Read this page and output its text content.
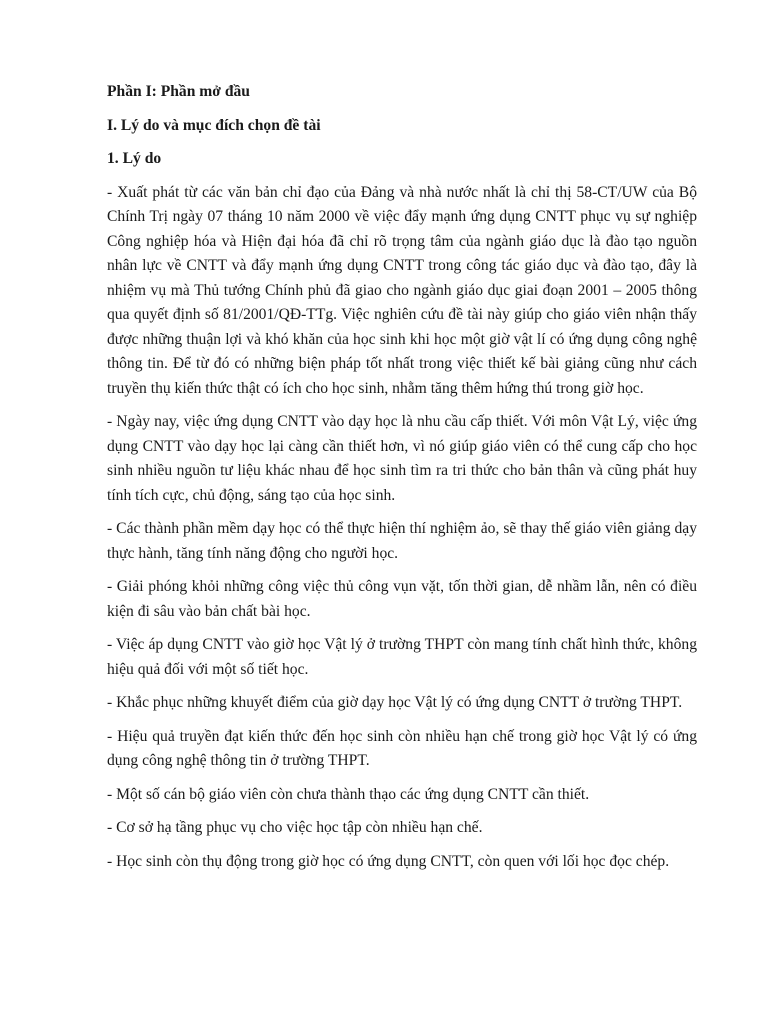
Phần I: Phần mở đầu

I. Lý do và mục đích chọn đề tài

1. Lý do

- Xuất phát từ các văn bản chỉ đạo của Đảng và nhà nước nhất là chỉ thị 58-CT/UW của Bộ Chính Trị ngày 07 tháng 10 năm 2000 về việc đẩy mạnh ứng dụng CNTT phục vụ sự nghiệp Công nghiệp hóa và Hiện đại hóa đã chỉ rõ trọng tâm của ngành giáo dục là đào tạo nguồn nhân lực về CNTT và đẩy mạnh ứng dụng CNTT trong công tác giáo dục và đào tạo, đây là nhiệm vụ mà Thủ tướng Chính phủ đã giao cho ngành giáo dục giai đoạn 2001 – 2005 thông qua quyết định số 81/2001/QĐ-TTg. Việc nghiên cứu đề tài này giúp cho giáo viên nhận thấy được những thuận lợi và khó khăn của học sinh khi học một giờ vật lí có ứng dụng công nghệ thông tin. Để từ đó có những biện pháp tốt nhất trong việc thiết kế bài giảng cũng như cách truyền thụ kiến thức thật có ích cho học sinh, nhằm tăng thêm hứng thú trong giờ học.

- Ngày nay, việc ứng dụng CNTT vào dạy học là nhu cầu cấp thiết. Với môn Vật Lý, việc ứng dụng CNTT vào dạy học lại càng cần thiết hơn, vì nó giúp giáo viên có thể cung cấp cho học sinh nhiều nguồn tư liệu khác nhau để học sinh tìm ra tri thức cho bản thân và cũng phát huy tính tích cực, chủ động, sáng tạo của học sinh.

- Các thành phần mềm dạy học có thể thực hiện thí nghiệm ảo, sẽ thay thế giáo viên giảng dạy thực hành, tăng tính năng động cho người học.

- Giải phóng khỏi những công việc thủ công vụn vặt, tốn thời gian, dễ nhầm lẫn, nên có điều kiện đi sâu vào bản chất bài học.

- Việc áp dụng CNTT vào giờ học Vật lý ở trường THPT còn mang tính chất hình thức, không hiệu quả đối với một số tiết học.

- Khắc phục những khuyết điểm của giờ dạy học Vật lý có ứng dụng CNTT ở trường THPT.

- Hiệu quả truyền đạt kiến thức đến học sinh còn nhiều hạn chế trong giờ học Vật lý có ứng dụng công nghệ thông tin ở trường THPT.

- Một số cán bộ giáo viên còn chưa thành thạo các ứng dụng CNTT cần thiết.

- Cơ sở hạ tầng phục vụ cho việc học tập còn nhiều hạn chế.

- Học sinh còn thụ động trong giờ học có ứng dụng CNTT, còn quen với lối học đọc chép.
